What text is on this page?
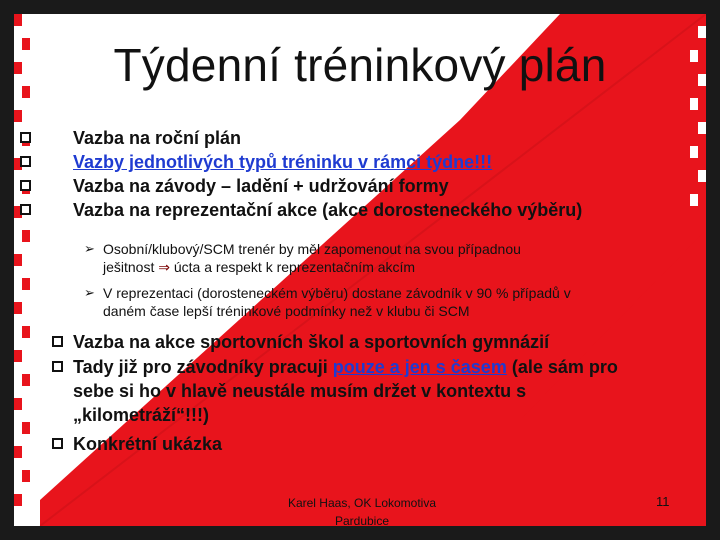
Týdenní tréninkový plán
Vazba na roční plán
Vazby jednotlivých typů tréninku v rámci týdne!!!
Vazba na závody – ladění + udržování formy
Vazba na reprezentační akce (akce dorosteneckého výběru)
➢ Osobní/klubový/SCM trenér by měl zapomenout na svou případnou
ješitnost ⇒ úcta a respekt k reprezentačním akcím
➢ V reprezentaci (dorosteneckém výběru) dostane závodník v 90 % případů v
daném čase lepší tréninkové podmínky než v klubu či SCM
Vazba na akce sportovních škol a sportovních gymnázií
Tady již pro závodníky pracuji pouze a jen s časem (ale sám pro
sebe si ho v hlavě neustále musím držet v kontextu s
„kilometráží“!!!)
Konkrétní ukázka
Karel Haas, OK Lokomotiva
Pardubice
11
